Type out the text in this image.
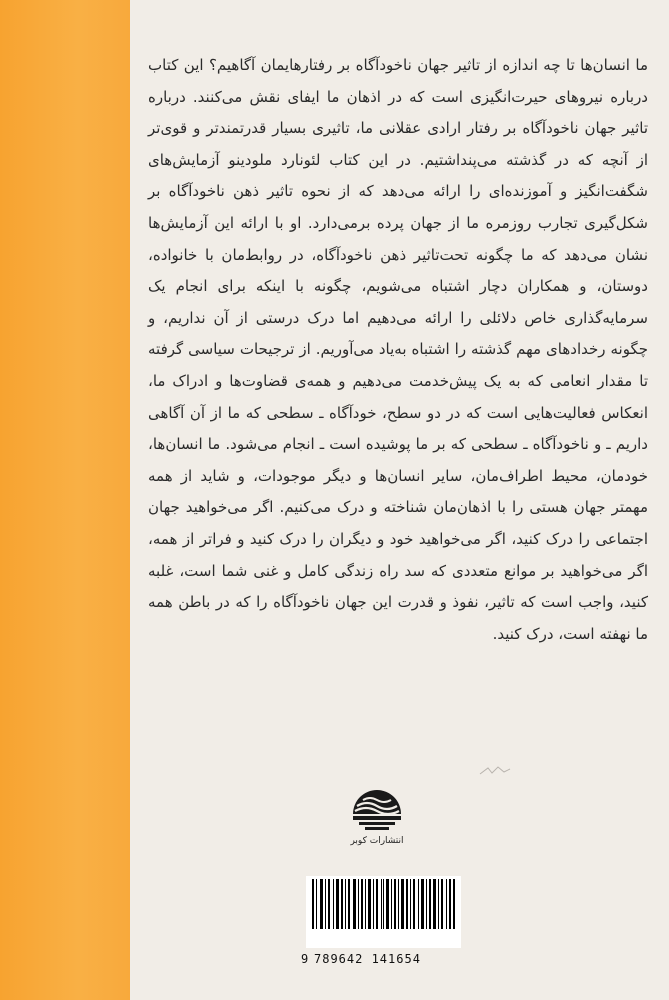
ما انسان‌ها تا چه اندازه از تاثیر جهان ناخودآگاه بر رفتارهایمان آگاهیم؟ این کتاب درباره نیروهای حیرت‌انگیزی است که در اذهان ما ایفای نقش می‌کنند. درباره تاثیر جهان ناخودآگاه بر رفتار ارادی عقلانی ما، تاثیری بسیار قدرتمندتر و قوی‌تر از آنچه که در گذشته می‌پنداشتیم. در این کتاب لئونارد ملودینو آزمایش‌های شگفت‌انگیز و آموزنده‌ای را ارائه می‌دهد که از نحوه تاثیر ذهن ناخودآگاه بر شکل‌گیری تجارب روزمره ما از جهان پرده برمی‌دارد. او با ارائه این آزمایش‌ها نشان می‌دهد که ما چگونه تحت‌تاثیر ذهن ناخودآگاه، در روابط‌مان با خانواده، دوستان، و همکاران دچار اشتباه می‌شویم، چگونه با اینکه برای انجام یک سرمایه‌گذاری خاص دلائلی را ارائه می‌دهیم اما درک درستی از آن نداریم، و چگونه رخدادهای مهم گذشته را اشتباه به‌یاد می‌آوریم. از ترجیحات سیاسی گرفته تا مقدار انعامی که به یک پیش‌خدمت می‌دهیم و همه‌ی قضاوت‌ها و ادراک ما، انعکاس فعالیت‌هایی است که در دو سطح، خودآگاه ـ سطحی که ما از آن آگاهی داریم ـ و ناخودآگاه ـ سطحی که بر ما پوشیده است ـ انجام می‌شود. ما انسان‌ها، خودمان، محیط اطراف‌مان، سایر انسان‌ها و دیگر موجودات، و شاید از همه مهمتر جهان هستی را با اذهان‌مان شناخته و درک می‌کنیم. اگر می‌خواهید جهان اجتماعی را درک کنید، اگر می‌خواهید خود و دیگران را درک کنید و فراتر از همه، اگر می‌خواهید بر موانع متعددی که سد راه زندگی کامل و غنی شما است، غلبه کنید، واجب است که تاثیر، نفوذ و قدرت این جهان ناخودآگاه را که در باطن همه ما نهفته است، درک کنید.

انتشارات کوبر
9 789642 141654
